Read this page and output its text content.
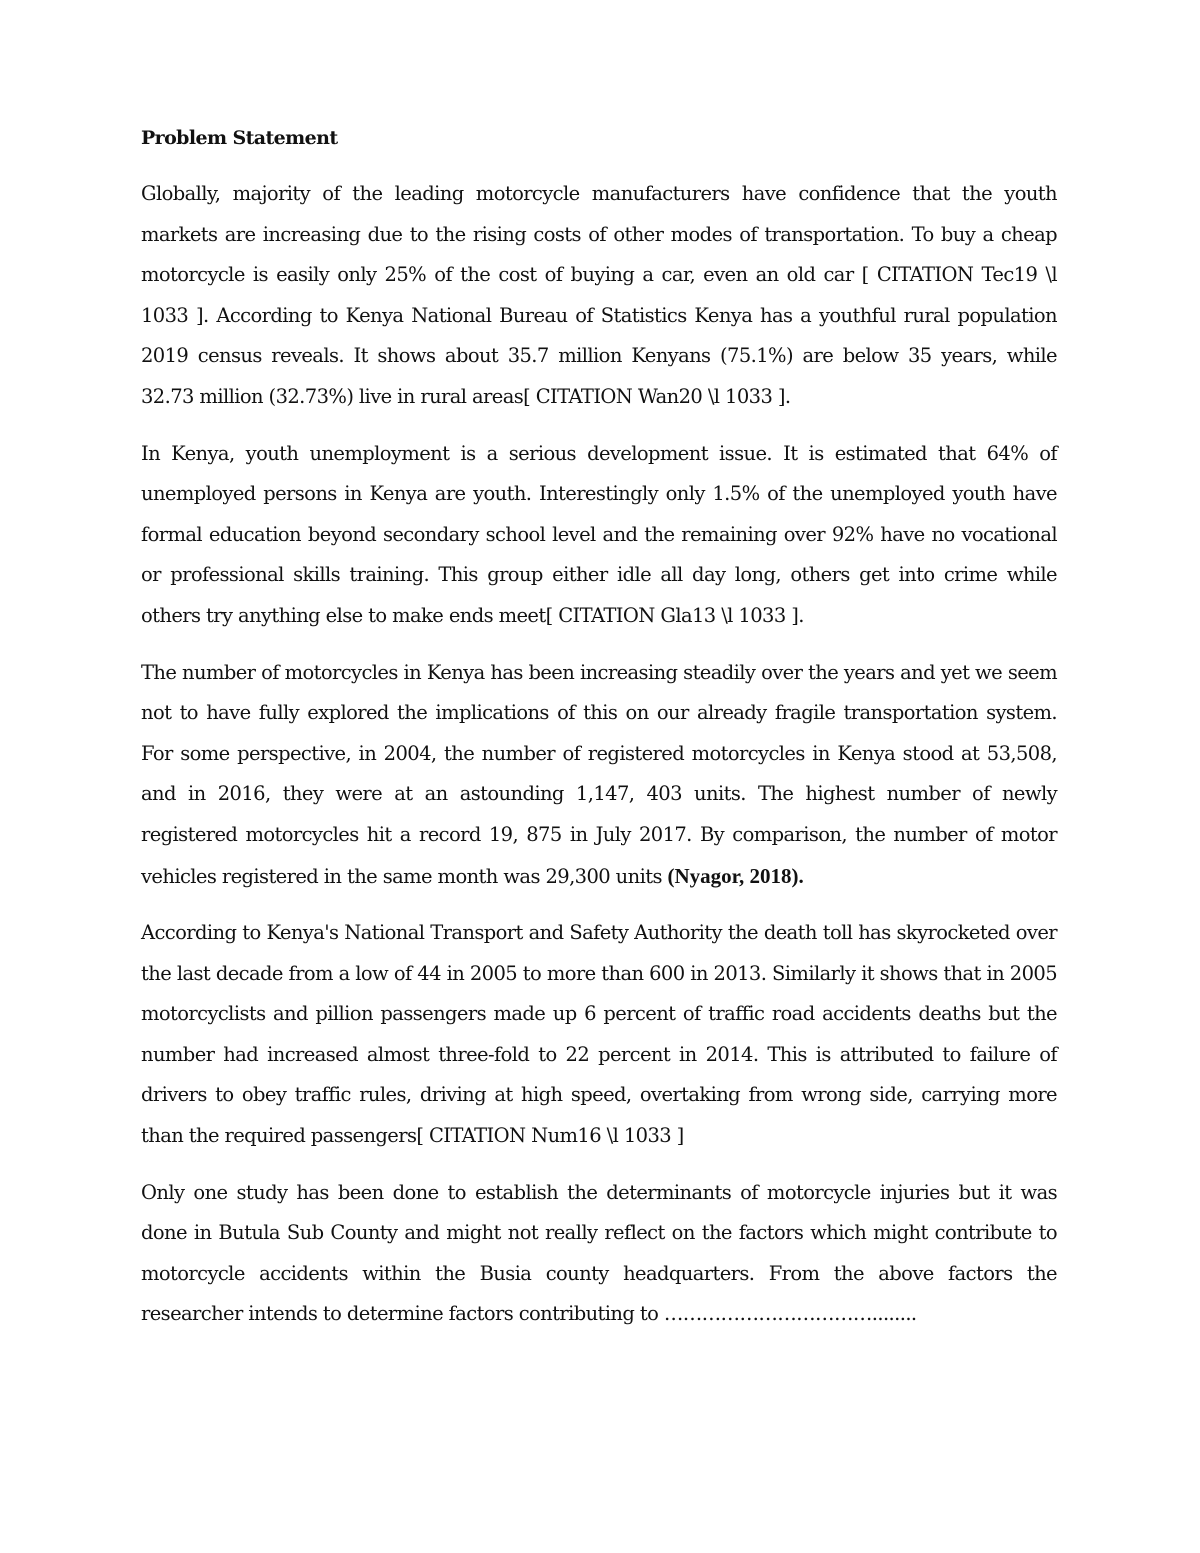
Problem Statement

Globally, majority of the leading motorcycle manufacturers have confidence that the youth markets are increasing due to the rising costs of other modes of transportation. To buy a cheap motorcycle is easily only 25% of the cost of buying a car, even an old car [ CITATION Tec19 \l 1033 ]. According to Kenya National Bureau of Statistics Kenya has a youthful rural population 2019 census reveals. It shows about 35.7 million Kenyans (75.1%) are below 35 years, while 32.73 million (32.73%) live in rural areas[ CITATION Wan20 \l 1033 ].

In Kenya, youth unemployment is a serious development issue. It is estimated that 64% of unemployed persons in Kenya are youth. Interestingly only 1.5% of the unemployed youth have formal education beyond secondary school level and the remaining over 92% have no vocational or professional skills training. This group either idle all day long, others get into crime while others try anything else to make ends meet[ CITATION Gla13 \l 1033 ].

The number of motorcycles in Kenya has been increasing steadily over the years and yet we seem not to have fully explored the implications of this on our already fragile transportation system. For some perspective, in 2004, the number of registered motorcycles in Kenya stood at 53,508, and in 2016, they were at an astounding 1,147, 403 units. The highest number of newly registered motorcycles hit a record 19, 875 in July 2017. By comparison, the number of motor vehicles registered in the same month was 29,300 units (Nyagor, 2018).

According to Kenya's National Transport and Safety Authority the death toll has skyrocketed over the last decade from a low of 44 in 2005 to more than 600 in 2013. Similarly it shows that in 2005 motorcyclists and pillion passengers made up 6 percent of traffic road accidents deaths but the number had increased almost three-fold to 22 percent in 2014. This is attributed to failure of drivers to obey traffic rules, driving at high speed, overtaking from wrong side, carrying more than the required passengers[ CITATION Num16 \l 1033 ]

Only one study has been done to establish the determinants of motorcycle injuries but it was done in Butula Sub County and might not really reflect on the factors which might contribute to motorcycle accidents within the Busia county headquarters. From the above factors the researcher intends to determine factors contributing to ……………………………........
